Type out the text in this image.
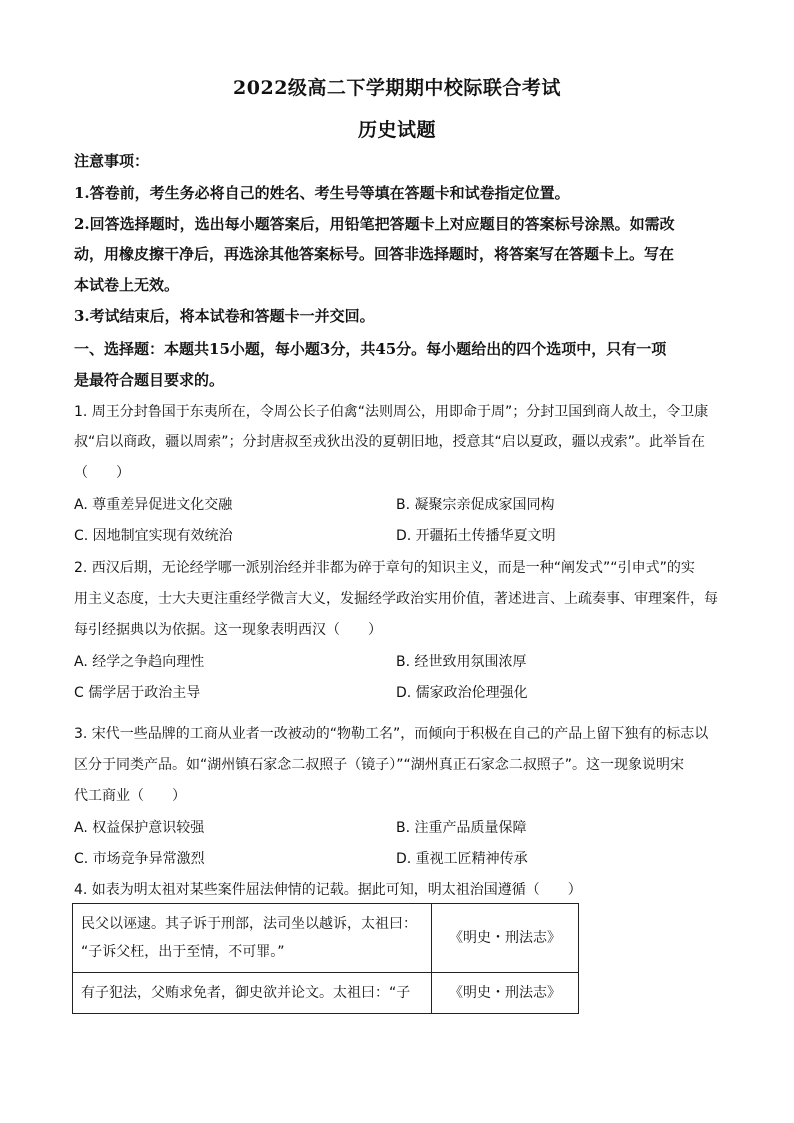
2022级高二下学期期中校际联合考试
历史试题
注意事项：
1.答卷前，考生务必将自己的姓名、考生号等填在答题卡和试卷指定位置。
2.回答选择题时，选出每小题答案后，用铅笔把答题卡上对应题目的答案标号涂黑。如需改
动，用橡皮擦干净后，再选涂其他答案标号。回答非选择题时，将答案写在答题卡上。写在
本试卷上无效。
3.考试结束后，将本试卷和答题卡一并交回。
一、选择题：本题共15小题，每小题3分，共45分。每小题给出的四个选项中，只有一项
是最符合题目要求的。
1. 周王分封鲁国于东夷所在，令周公长子伯禽“法则周公，用即命于周”；分封卫国到商人故土，令卫康
叔“启以商政，疆以周索”；分封唐叔至戎狄出没的夏朝旧地，授意其“启以夏政，疆以戎索”。此举旨在
（　　）
A. 尊重差异促进文化交融	B. 凝聚宗亲促成家国同构
C. 因地制宜实现有效统治	D. 开疆拓土传播华夏文明
2. 西汉后期，无论经学哪一派别治经并非都为碎于章句的知识主义，而是一种“阐发式”“引申式”的实
用主义态度，士大夫更注重经学微言大义，发掘经学政治实用价值，著述进言、上疏奏事、审理案件，每
每引经据典以为依据。这一现象表明西汉（　　）
A. 经学之争趋向理性	B. 经世致用氛围浓厚
C 儒学居于政治主导	D. 儒家政治伦理强化
3. 宋代一些品牌的工商从业者一改被动的“物勒工名”，而倾向于积极在自己的产品上留下独有的标志以
区分于同类产品。如“湖州镇石家念二叔照子（镜子）”“湖州真正石家念二叔照子”。这一现象说明宋
代工商业（　　）
A. 权益保护意识较强	B. 注重产品质量保障
C. 市场竞争异常激烈	D. 重视工匠精神传承
4. 如表为明太祖对某些案件屈法伸情的记载。据此可知，明太祖治国遵循（　　）
民父以诬逮。其子诉于刑部，法司坐以越诉，太祖曰：
“子诉父枉，出于至情，不可罪。”	《明史・刑法志》

有子犯法，父贿求免者，御史欲并论文。太祖曰：“子	《明史・刑法志》
